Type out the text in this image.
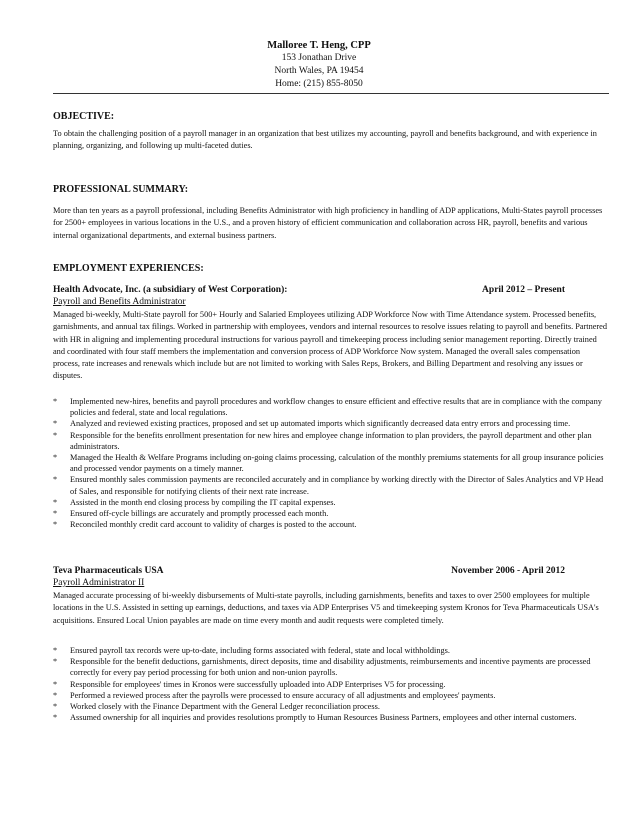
Malloree T. Heng, CPP
153 Jonathan Drive
North Wales, PA 19454
Home: (215) 855-8050
OBJECTIVE:
To obtain the challenging position of a payroll manager in an organization that best utilizes my accounting, payroll and benefits background, and with experience in planning, organizing, and following up multi-faceted duties.
PROFESSIONAL SUMMARY:
More than ten years as a payroll professional, including Benefits Administrator with high proficiency in handling of ADP applications, Multi-States payroll processes for 2500+ employees in various locations in the U.S., and a proven history of efficient communication and collaboration across HR, payroll, benefits and various internal organizational departments, and external business partners.
EMPLOYMENT EXPERIENCES:
Health Advocate, Inc. (a subsidiary of West Corporation):	April 2012 – Present
Payroll and Benefits Administrator
Managed bi-weekly, Multi-State payroll for 500+ Hourly and Salaried Employees utilizing ADP Workforce Now with Time Attendance system. Processed benefits, garnishments, and annual tax filings. Worked in partnership with employees, vendors and internal resources to resolve issues relating to payroll and benefits. Partnered with HR in aligning and implementing procedural instructions for various payroll and timekeeping process including senior management reporting. Directly trained and coordinated with four staff members the implementation and conversion process of ADP Workforce Now system. Managed the overall sales compensation process, rate increases and renewals which include but are not limited to working with Sales Reps, Brokers, and Billing Department and resolving any issues or disputes.
* Implemented new-hires, benefits and payroll procedures and workflow changes to ensure efficient and effective results that are in compliance with the company policies and federal, state and local regulations.
* Analyzed and reviewed existing practices, proposed and set up automated imports which significantly decreased data entry errors and processing time.
* Responsible for the benefits enrollment presentation for new hires and employee change information to plan providers, the payroll department and other plan administrators.
* Managed the Health & Welfare Programs including on-going claims processing, calculation of the monthly premiums statements for all group insurance policies and processed vendor payments on a timely manner.
* Ensured monthly sales commission payments are reconciled accurately and in compliance by working directly with the Director of Sales Analytics and VP Head of Sales, and responsible for notifying clients of their next rate increase.
* Assisted in the month end closing process by compiling the IT capital expenses.
* Ensured off-cycle billings are accurately and promptly processed each month.
* Reconciled monthly credit card account to validity of charges is posted to the account.
Teva Pharmaceuticals USA	November 2006 - April 2012
Payroll Administrator II
Managed accurate processing of bi-weekly disbursements of Multi-state payrolls, including garnishments, benefits and taxes to over 2500 employees for multiple locations in the U.S. Assisted in setting up earnings, deductions, and taxes via ADP Enterprises V5 and timekeeping system Kronos for Teva Pharmaceuticals USA's acquisitions. Ensured Local Union payables are made on time every month and audit requests were completed timely.
* Ensured payroll tax records were up-to-date, including forms associated with federal, state and local withholdings.
* Responsible for the benefit deductions, garnishments, direct deposits, time and disability adjustments, reimbursements and incentive payments are processed correctly for every pay period processing for both union and non-union payrolls.
* Responsible for employees' times in Kronos were successfully uploaded into ADP Enterprises V5 for processing.
* Performed a reviewed process after the payrolls were processed to ensure accuracy of all adjustments and employees' payments.
* Worked closely with the Finance Department with the General Ledger reconciliation process.
* Assumed ownership for all inquiries and provides resolutions promptly to Human Resources Business Partners, employees and other internal customers.
